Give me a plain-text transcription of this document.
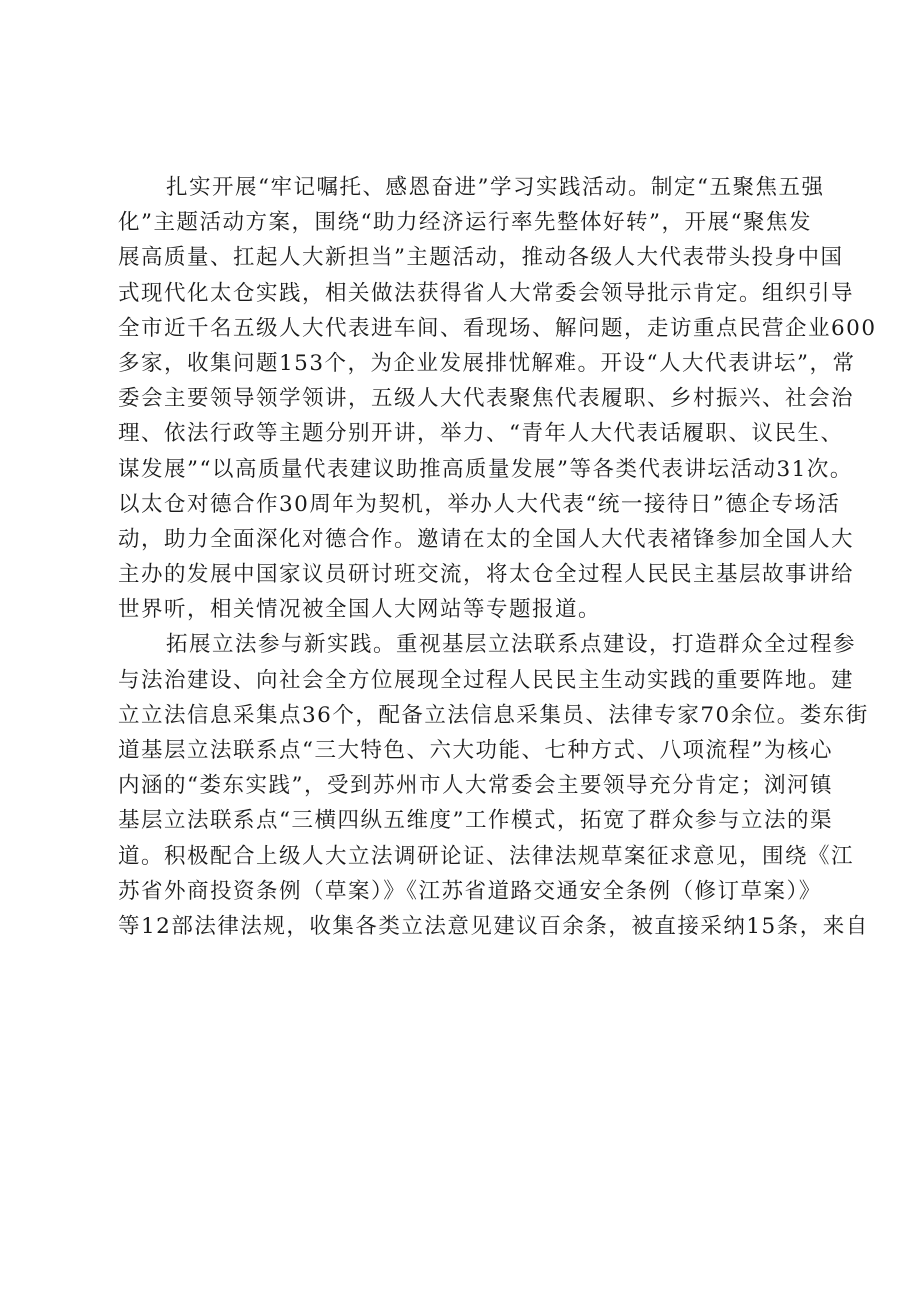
扎实开展“牢记嘱托、感恩奋进”学习实践活动。制定“五聚焦五强
化”主题活动方案，围绕“助力经济运行率先整体好转”，开展“聚焦发
展高质量、扛起人大新担当”主题活动，推动各级人大代表带头投身中国
式现代化太仓实践，相关做法获得省人大常委会领导批示肯定。组织引导
全市近千名五级人大代表进车间、看现场、解问题，走访重点民营企业600
多家，收集问题153个，为企业发展排忧解难。开设“人大代表讲坛”，常
委会主要领导领学领讲，五级人大代表聚焦代表履职、乡村振兴、社会治
理、依法行政等主题分别开讲，举力、“青年人大代表话履职、议民生、
谋发展”“以高质量代表建议助推高质量发展”等各类代表讲坛活动31次。
以太仓对德合作30周年为契机，举办人大代表“统一接待日”德企专场活
动，助力全面深化对德合作。邀请在太的全国人大代表褚锋参加全国人大
主办的发展中国家议员研讨班交流，将太仓全过程人民民主基层故事讲给
世界听，相关情况被全国人大网站等专题报道。
拓展立法参与新实践。重视基层立法联系点建设，打造群众全过程参
与法治建设、向社会全方位展现全过程人民民主生动实践的重要阵地。建
立立法信息采集点36个，配备立法信息采集员、法律专家70余位。娄东街
道基层立法联系点“三大特色、六大功能、七种方式、八项流程”为核心
内涵的“娄东实践”，受到苏州市人大常委会主要领导充分肯定；浏河镇
基层立法联系点“三横四纵五维度”工作模式，拓宽了群众参与立法的渠
道。积极配合上级人大立法调研论证、法律法规草案征求意见，围绕《江
苏省外商投资条例（草案）》《江苏省道路交通安全条例（修订草案）》
等12部法律法规，收集各类立法意见建议百余条，被直接采纳15条，来自
